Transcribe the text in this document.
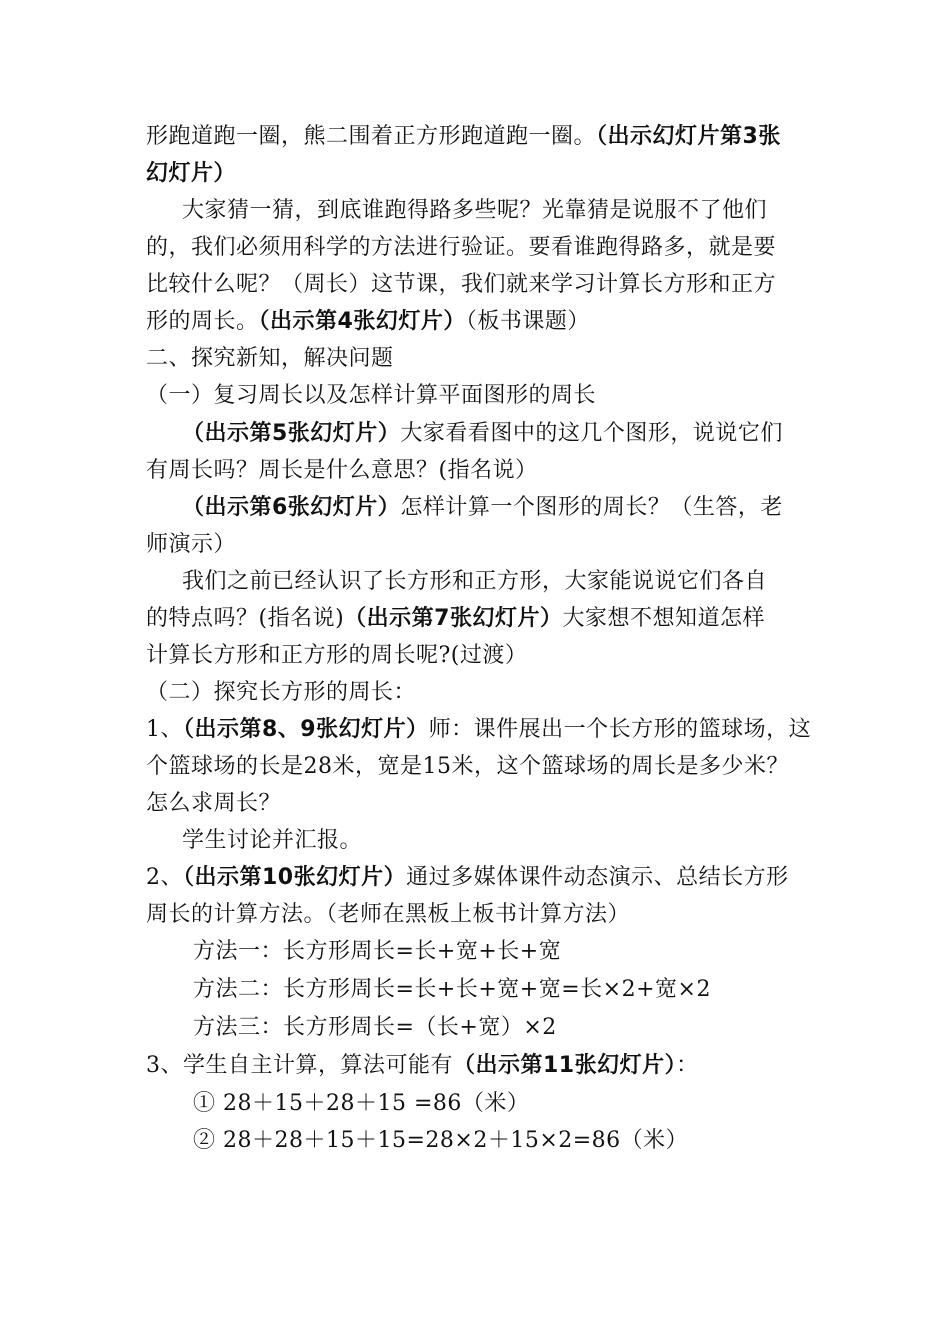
形跑道跑一圈，熊二围着正方形跑道跑一圈。（出示幻灯片第3张
幻灯片）
大家猜一猜，到底谁跑得路多些呢？光靠猜是说服不了他们
的，我们必须用科学的方法进行验证。要看谁跑得路多，就是要
比较什么呢？（周长）这节课，我们就来学习计算长方形和正方
形的周长。（出示第4张幻灯片）（板书课题）
二、探究新知，解决问题
（一）复习周长以及怎样计算平面图形的周长
（出示第5张幻灯片）大家看看图中的这几个图形，说说它们
有周长吗？周长是什么意思？(指名说）
（出示第6张幻灯片）怎样计算一个图形的周长？（生答，老
师演示）
我们之前已经认识了长方形和正方形，大家能说说它们各自
的特点吗？(指名说)（出示第7张幻灯片）大家想不想知道怎样
计算长方形和正方形的周长呢?(过渡）
（二）探究长方形的周长：
1、（出示第8、9张幻灯片）师：课件展出一个长方形的篮球场，这
个篮球场的长是28米，宽是15米，这个篮球场的周长是多少米？
怎么求周长？
学生讨论并汇报。
2、（出示第10张幻灯片）通过多媒体课件动态演示、总结长方形
周长的计算方法。（老师在黑板上板书计算方法）
方法一：长方形周长=长+宽+长+宽
方法二：长方形周长=长+长+宽+宽=长×2+宽×2
方法三：长方形周长=（长+宽）×2
3、学生自主计算，算法可能有（出示第11张幻灯片）：
① 28＋15＋28＋15 =86（米）
② 28＋28＋15＋15=28×2＋15×2=86（米）
